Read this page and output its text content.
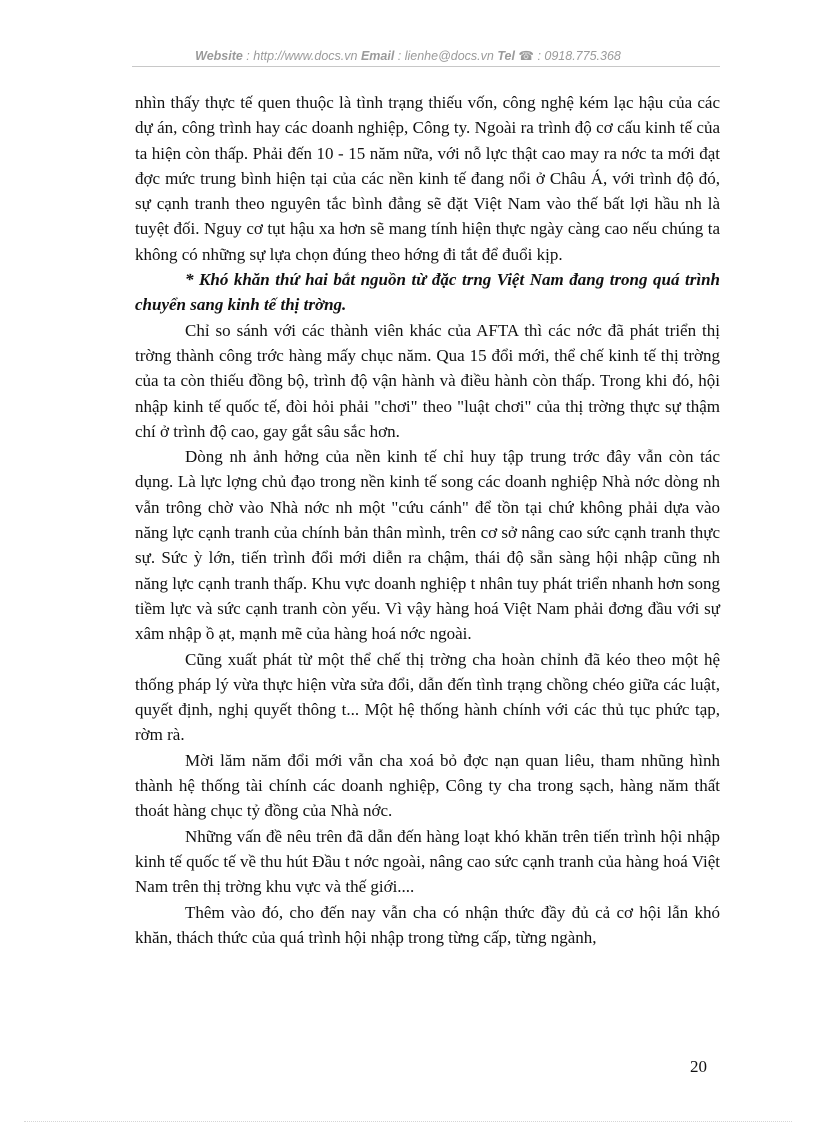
Website : http://www.docs.vn Email : lienhe@docs.vn Tel ☎ : 0918.775.368

nhìn thấy thực tế quen thuộc là tình trạng thiếu vốn, công nghệ kém lạc hậu của các dự án, công trình hay các doanh nghiệp, Công ty. Ngoài ra trình độ cơ cấu kinh tế của ta hiện còn thấp. Phải đến 10 - 15 năm nữa, với nỗ lực thật cao may ra nớc ta mới đạt đợc mức trung bình hiện tại của các nền kinh tế đang nổi ở Châu Á, với trình độ đó, sự cạnh tranh theo nguyên tắc bình đẳng sẽ đặt Việt Nam vào thế bất lợi hầu nh là tuyệt đối. Nguy cơ tụt hậu xa hơn sẽ mang tính hiện thực ngày càng cao nếu chúng ta không có những sự lựa chọn đúng theo hớng đi tắt để đuổi kịp.

* Khó khăn thứ hai bắt nguồn từ đặc trng Việt Nam đang trong quá trình chuyển sang kinh tế thị trờng.

Chỉ so sánh với các thành viên khác của AFTA thì các nớc đã phát triển thị trờng thành công trớc hàng mấy chục năm. Qua 15 đổi mới, thể chế kinh tế thị trờng của ta còn thiếu đồng bộ, trình độ vận hành và điều hành còn thấp. Trong khi đó, hội nhập kinh tế quốc tế, đòi hỏi phải "chơi" theo "luật chơi" của thị trờng thực sự thậm chí ở trình độ cao, gay gắt sâu sắc hơn.

Dòng nh ảnh hởng của nền kinh tế chỉ huy tập trung trớc đây vẫn còn tác dụng. Là lực lợng chủ đạo trong nền kinh tế song các doanh nghiệp Nhà nớc dòng nh vẫn trông chờ vào Nhà nớc nh một "cứu cánh" để tồn tại chứ không phải dựa vào năng lực cạnh tranh của chính bản thân mình, trên cơ sở nâng cao sức cạnh tranh thực sự. Sức ỳ lớn, tiến trình đổi mới diễn ra chậm, thái độ sẵn sàng hội nhập cũng nh năng lực cạnh tranh thấp. Khu vực doanh nghiệp t nhân tuy phát triển nhanh hơn song tiềm lực và sức cạnh tranh còn yếu. Vì vậy hàng hoá Việt Nam phải đơng đầu với sự xâm nhập ồ ạt, mạnh mẽ của hàng hoá nớc ngoài.

Cũng xuất phát từ một thể chế thị trờng cha hoàn chỉnh đã kéo theo một hệ thống pháp lý vừa thực hiện vừa sửa đổi, dẫn đến tình trạng chồng chéo giữa các luật, quyết định, nghị quyết thông t... Một hệ thống hành chính với các thủ tục phức tạp, rờm rà.

Mời lăm năm đổi mới vẫn cha xoá bỏ đợc nạn quan liêu, tham nhũng hình thành hệ thống tài chính các doanh nghiệp, Công ty cha trong sạch, hàng năm thất thoát hàng chục tỷ đồng của Nhà nớc.

Những vấn đề nêu trên đã dẫn đến hàng loạt khó khăn trên tiến trình hội nhập kinh tế quốc tế về thu hút Đầu t nớc ngoài, nâng cao sức cạnh tranh của hàng hoá Việt Nam trên thị trờng khu vực và thế giới....

Thêm vào đó, cho đến nay vẫn cha có nhận thức đầy đủ cả cơ hội lẫn khó khăn, thách thức của quá trình hội nhập trong từng cấp, từng ngành,

20
